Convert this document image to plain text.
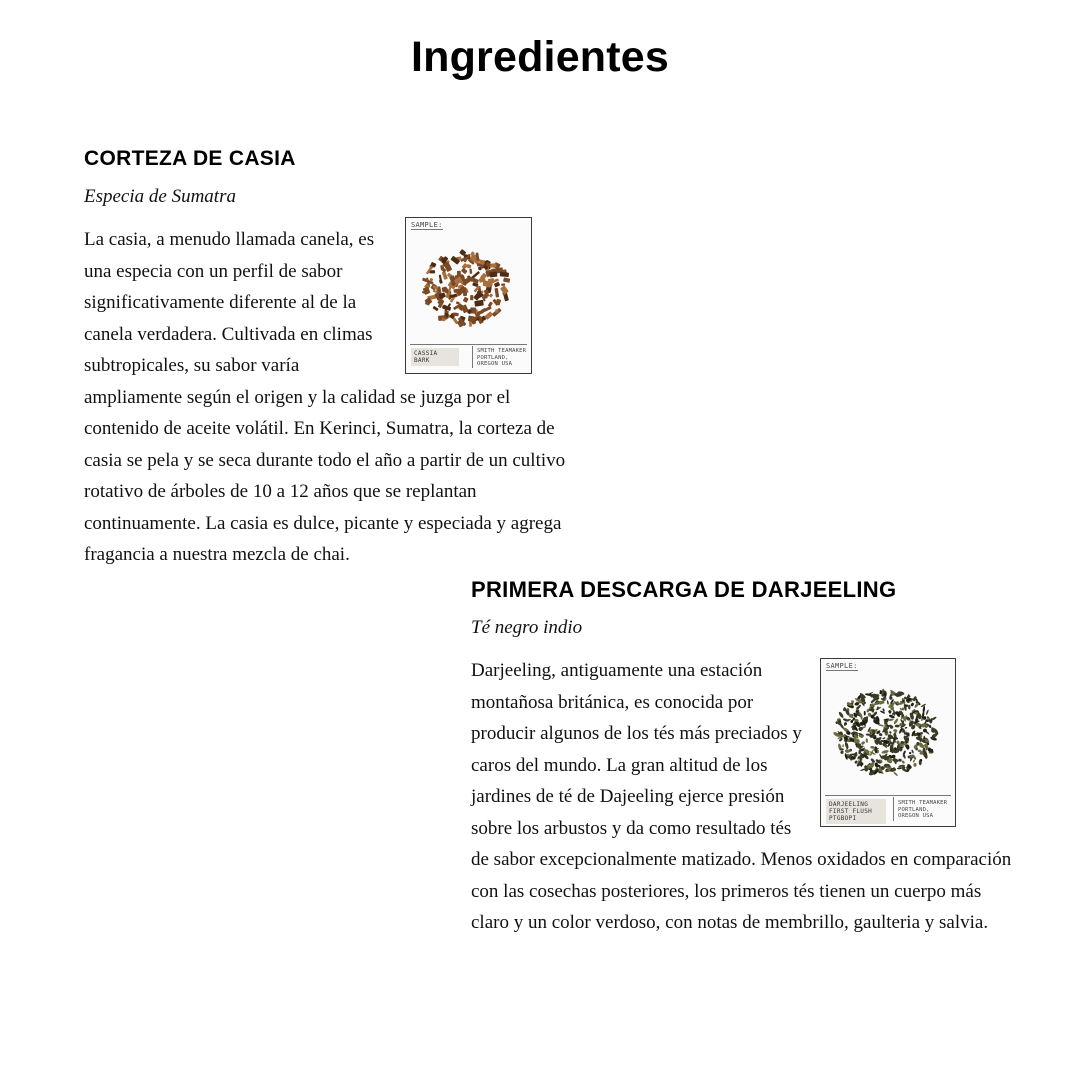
Ingredientes
CORTEZA DE CASIA
Especia de Sumatra
SAMPLE:
CASSIA BARK
SMITH TEAMAKER PORTLAND, OREGON USA

La casia, a menudo llamada canela, es una especia con un perfil de sabor significativamente diferente al de la canela verdadera. Cultivada en climas subtropicales, su sabor varía ampliamente según el origen y la calidad se juzga por el contenido de aceite volátil. En Kerinci, Sumatra, la corteza de casia se pela y se seca durante todo el año a partir de un cultivo rotativo de árboles de 10 a 12 años que se replantan continuamente. La casia es dulce, picante y especiada y agrega fragancia a nuestra mezcla de chai.

PRIMERA DESCARGA DE DARJEELING
Té negro indio
SAMPLE:
DARJEELING FIRST FLUSH PTGBOPI
SMITH TEAMAKER PORTLAND, OREGON USA

Darjeeling, antiguamente una estación montañosa británica, es conocida por producir algunos de los tés más preciados y caros del mundo. La gran altitud de los jardines de té de Dajeeling ejerce presión sobre los arbustos y da como resultado tés de sabor excepcionalmente matizado. Menos oxidados en comparación con las cosechas posteriores, los primeros tés tienen un cuerpo más claro y un color verdoso, con notas de membrillo, gaulteria y salvia.
